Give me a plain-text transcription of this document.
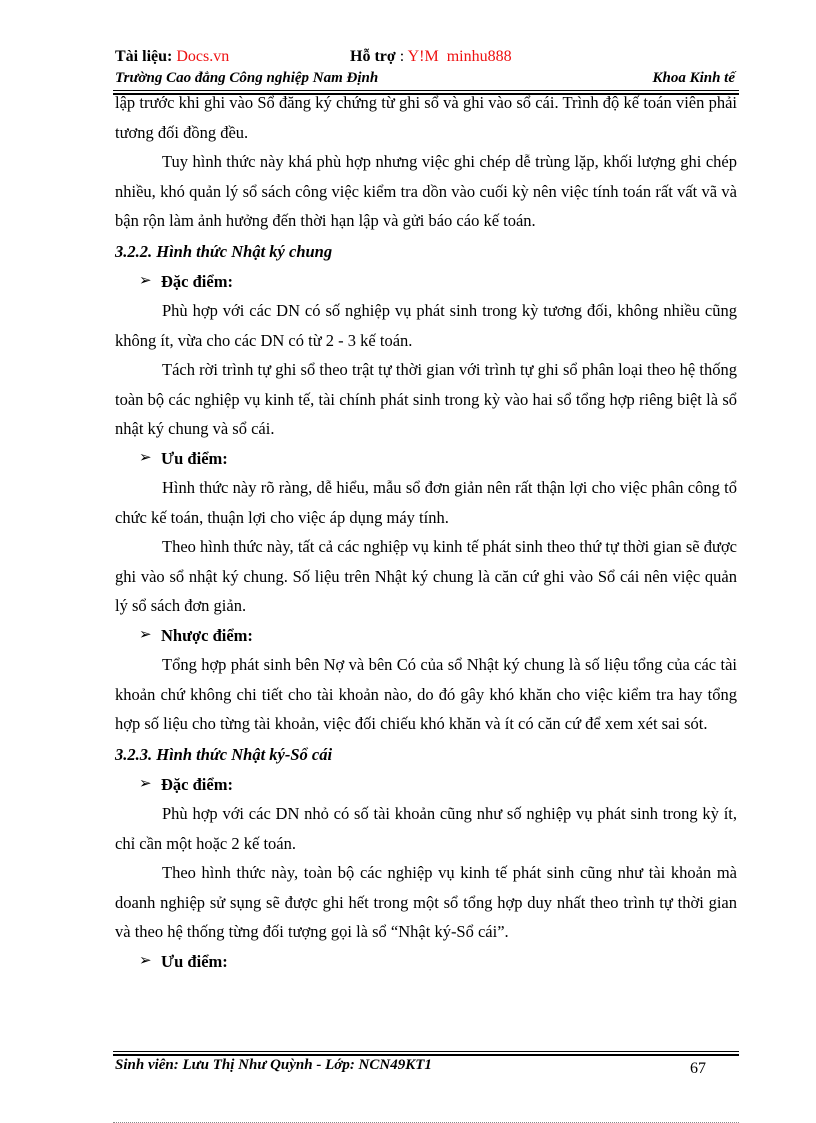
Tài liệu: Docs.vn	Hỗ trợ : Y!M minhu888
Trường Cao đẳng Công nghiệp Nam Định	Khoa Kinh tế

lập trước khi ghi vào Sổ đăng ký chứng từ ghi sổ và ghi vào sổ cái. Trình độ kế toán viên phải tương đối đồng đều.

Tuy hình thức này khá phù hợp nhưng việc ghi chép dễ trùng lặp, khối lượng ghi chép nhiều, khó quản lý sổ sách công việc kiểm tra dồn vào cuối kỳ nên việc tính toán rất vất vã và bận rộn làm ảnh hưởng đến thời hạn lập và gửi báo cáo kế toán.

3.2.2. Hình thức Nhật ký chung
➢ Đặc điểm:

Phù hợp với các DN có số nghiệp vụ phát sinh trong kỳ tương đối, không nhiều cũng không ít, vừa cho các DN có từ 2 - 3 kế toán.

Tách rời trình tự ghi sổ theo trật tự thời gian với trình tự ghi sổ phân loại theo hệ thống toàn bộ các nghiệp vụ kinh tế, tài chính phát sinh trong kỳ vào hai sổ tổng hợp riêng biệt là sổ nhật ký chung và sổ cái.

➢ Ưu điểm:

Hình thức này rõ ràng, dễ hiểu, mẫu sổ đơn giản nên rất thận lợi cho việc phân công tổ chức kế toán, thuận lợi cho việc áp dụng máy tính.

Theo hình thức này, tất cả các nghiệp vụ kinh tế phát sinh theo thứ tự thời gian sẽ được ghi vào sổ nhật ký chung. Số liệu trên Nhật ký chung là căn cứ ghi vào Sổ cái nên việc quản lý sổ sách đơn giản.

➢ Nhược điểm:

Tổng hợp phát sinh bên Nợ và bên Có của sổ Nhật ký chung là số liệu tổng của các tài khoản chứ không chi tiết cho tài khoản nào, do đó gây khó khăn cho việc kiểm tra hay tổng hợp số liệu cho từng tài khoản, việc đối chiếu khó khăn và ít có căn cứ để xem xét sai sót.

3.2.3. Hình thức Nhật ký-Sổ cái
➢ Đặc điểm:

Phù hợp với các DN nhỏ có số tài khoản cũng như số nghiệp vụ phát sinh trong kỳ ít, chỉ cần một hoặc 2 kế toán.

Theo hình thức này, toàn bộ các nghiệp vụ kinh tế phát sinh cũng như tài khoản mà doanh nghiệp sử sụng sẽ được ghi hết trong một sổ tổng hợp duy nhất theo trình tự thời gian và theo hệ thống từng đối tượng gọi là sổ “Nhật ký-Sổ cái”.

➢ Ưu điểm:
Sinh viên: Lưu Thị Như Quỳnh - Lớp: NCN49KT1	67
